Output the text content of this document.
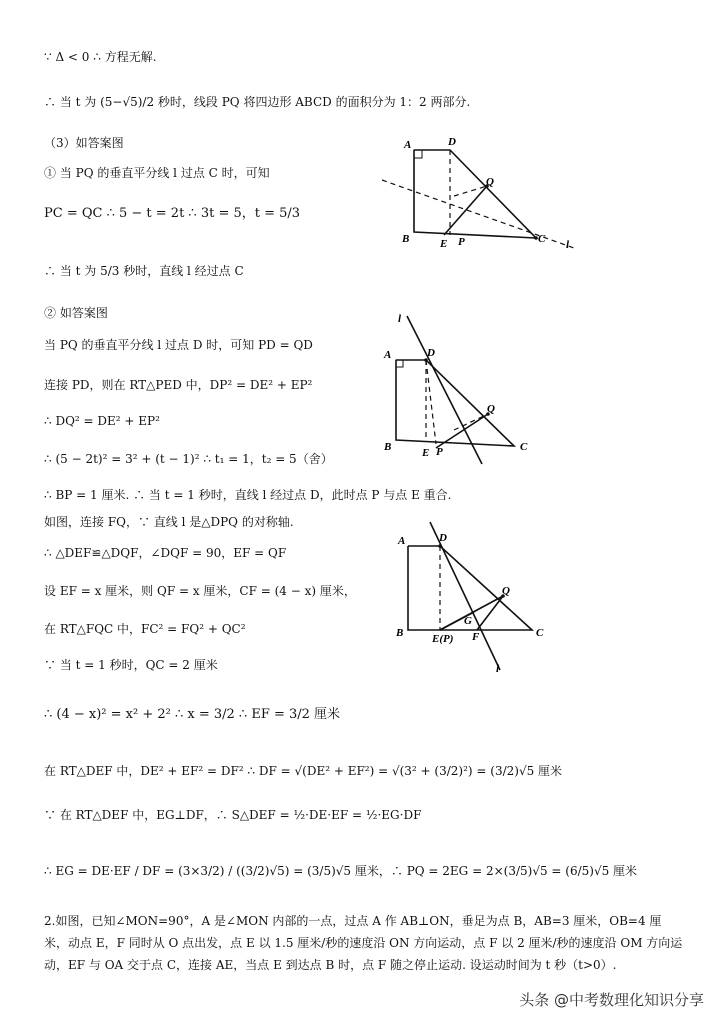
∵ Δ < 0 ∴ 方程无解.
∴ 当 t 为 (5−√5)/2 秒时，线段 PQ 将四边形 ABCD 的面积分为 1：2 两部分.
（3）如答案图
① 当 PQ 的垂直平分线 l 过点 C 时，可知
PC = QC ∴ 5 − t = 2t ∴ 3t = 5，t = 5/3
∴ 当 t 为 5/3 秒时，直线 l 经过点 C
② 如答案图
当 PQ 的垂直平分线 l 过点 D 时，可知 PD = QD
连接 PD，则在 RT△PED 中，DP² = DE² + EP²
∴ DQ² = DE² + EP²
∴ (5 − 2t)² = 3² + (t − 1)² ∴ t₁ = 1，t₂ = 5（舍）
∴ BP = 1 厘米. ∴ 当 t = 1 秒时，直线 l 经过点 D，此时点 P 与点 E 重合.
如图，连接 FQ，∵ 直线 l 是△DPQ 的对称轴.
∴ △DEF≌△DQF，∠DQF = 90，EF = QF
设 EF = x 厘米，则 QF = x 厘米，CF = (4 − x) 厘米，
在 RT△FQC 中，FC² = FQ² + QC²
∵ 当 t = 1 秒时，QC = 2 厘米
∴ (4 − x)² = x² + 2² ∴ x = 3/2 ∴ EF = 3/2 厘米
在 RT△DEF 中，DE² + EF² = DF² ∴ DF = √(DE² + EF²) = √(3² + (3/2)²) = (3/2)√5 厘米
∵ 在 RT△DEF 中，EG⊥DF，∴ S△DEF = ½·DE·EF = ½·EG·DF
∴ EG = DE·EF / DF = (3×3/2) / ((3/2)√5) = (3/5)√5 厘米，∴ PQ = 2EG = 2×(3/5)√5 = (6/5)√5 厘米
2.如图，已知∠MON=90°，A 是∠MON 内部的一点，过点 A 作 AB⊥ON，垂足为点 B，AB=3 厘米，OB=4 厘米，动点 E，F 同时从 O 点出发，点 E 以 1.5 厘米/秒的速度沿 ON 方向运动，点 F 以 2 厘米/秒的速度沿 OM 方向运动，EF 与 OA 交于点 C，连接 AE，当点 E 到达点 B 时，点 F 随之停止运动. 设运动时间为 t 秒（t>0）.
A	D
Q
B	E P	C l
l
A	D
Q
B	E P	C
A	D
Q
G
B	E(P) F	C
l
头条 @中考数理化知识分享
